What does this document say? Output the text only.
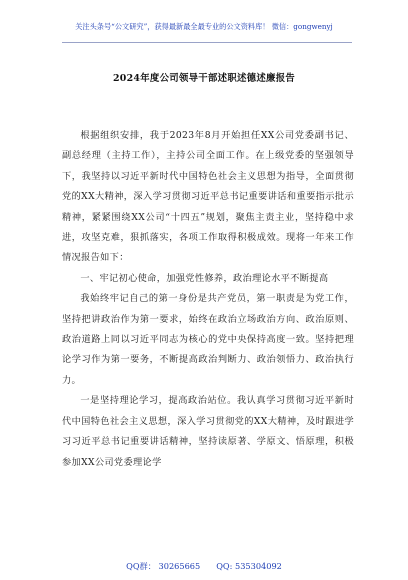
关注头条号“公文研究”，获得最新最全最专业的公文资料库！ 微信：gongwenyj
2024年度公司领导干部述职述德述廉报告

根据组织安排，我于2023年8月开始担任XX公司党委副书记、副总经理（主持工作），主持公司全面工作。在上级党委的坚强领导下，我坚持以习近平新时代中国特色社会主义思想为指导，全面贯彻党的XX大精神，深入学习贯彻习近平总书记重要讲话和重要指示批示精神，紧紧围绕XX公司“十四五”规划，聚焦主责主业，坚持稳中求进，攻坚克难，狠抓落实，各项工作取得积极成效。现将一年来工作情况报告如下：

一、牢记初心使命，加强党性修养，政治理论水平不断提高

我始终牢记自己的第一身份是共产党员，第一职责是为党工作，坚持把讲政治作为第一要求，始终在政治立场政治方向、政治原则、政治道路上同以习近平同志为核心的党中央保持高度一致。坚持把理论学习作为第一要务，不断提高政治判断力、政治领悟力、政治执行力。

一是坚持理论学习，提高政治站位。我认真学习贯彻习近平新时代中国特色社会主义思想，深入学习贯彻党的XX大精神，及时跟进学习习近平总书记重要讲话精神，坚持读原著、学原文、悟原理，积极参加XX公司党委理论学

QQ群： 30265665 QQ: 535304092
